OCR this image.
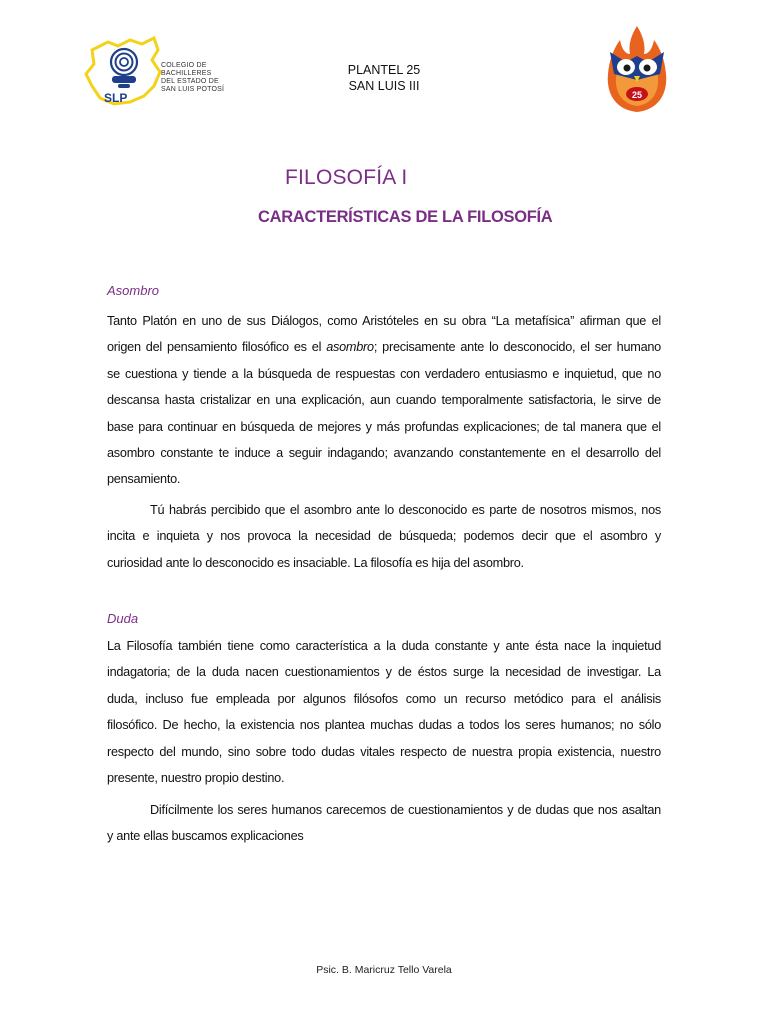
SLP
COLEGIO DE
BACHILLERES
DEL ESTADO DE
SAN LUIS POTOSÍ
PLANTEL 25
SAN LUIS III
25
FILOSOFÍA I
CARACTERÍSTICAS DE LA FILOSOFÍA
Asombro
Tanto Platón en uno de sus Diálogos, como Aristóteles en su obra “La metafísica” afirman que el
origen del pensamiento filosófico es el asombro; precisamente ante lo desconocido, el ser humano
se cuestiona y tiende a la búsqueda de respuestas con verdadero entusiasmo e inquietud, que no
descansa hasta cristalizar en una explicación, aun cuando temporalmente satisfactoria, le sirve de
base para continuar en búsqueda de mejores y más profundas explicaciones; de tal manera que el
asombro constante te induce a seguir indagando; avanzando constantemente en el desarrollo del
pensamiento.
Tú habrás percibido que el asombro ante lo desconocido es parte de nosotros mismos, nos
incita e inquieta y nos provoca la necesidad de búsqueda; podemos decir que el asombro y
curiosidad ante lo desconocido es insaciable. La filosofía es hija del asombro.
Duda
La Filosofía también tiene como característica a la duda constante y ante ésta nace la inquietud
indagatoria; de la duda nacen cuestionamientos y de éstos surge la necesidad de investigar. La
duda, incluso fue empleada por algunos filósofos como un recurso metódico para el análisis
filosófico. De hecho, la existencia nos plantea muchas dudas a todos los seres humanos; no sólo
respecto del mundo, sino sobre todo dudas vitales respecto de nuestra propia existencia, nuestro
presente, nuestro propio destino.
Difícilmente los seres humanos carecemos de cuestionamientos y de dudas que nos asaltan
y ante ellas buscamos explicaciones
Psic. B. Maricruz Tello Varela
